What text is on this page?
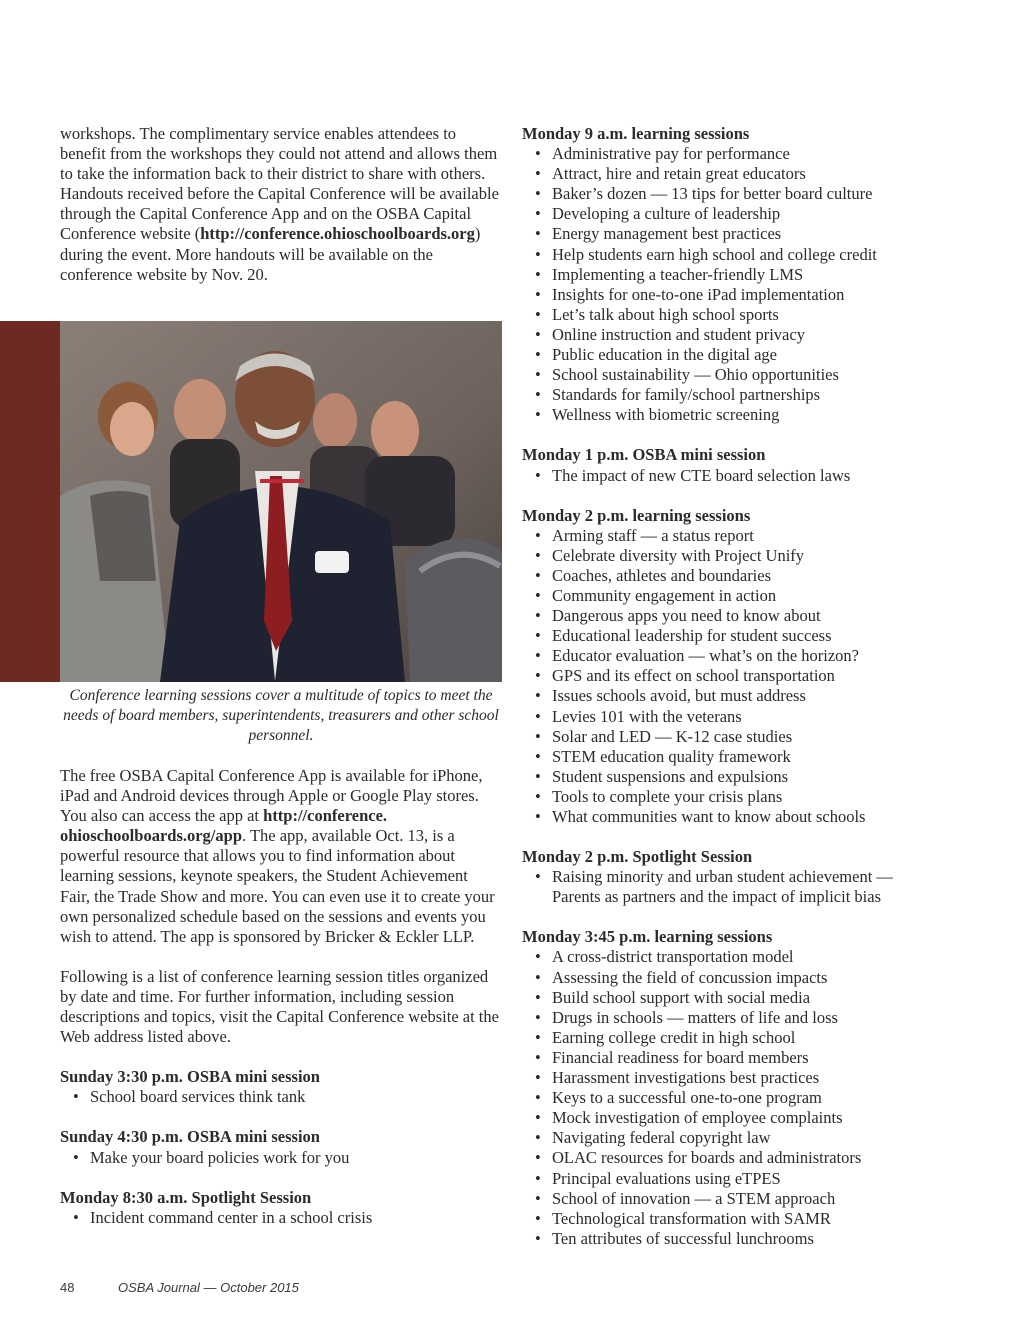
workshops. The complimentary service enables attendees to benefit from the workshops they could not attend and allows them to take the information back to their district to share with others. Handouts received before the Capital Conference will be available through the Capital Conference App and on the OSBA Capital Conference website (http://conference.ohioschoolboards.org) during the event. More handouts will be available on the conference website by Nov. 20.

Conference learning sessions cover a multitude of topics to meet the needs of board members, superintendents, treasurers and other school personnel.

The free OSBA Capital Conference App is available for iPhone, iPad and Android devices through Apple or Google Play stores. You also can access the app at http://conference. ohioschoolboards.org/app. The app, available Oct. 13, is a powerful resource that allows you to find information about learning sessions, keynote speakers, the Student Achievement Fair, the Trade Show and more. You can even use it to create your own personalized schedule based on the sessions and events you wish to attend. The app is sponsored by Bricker & Eckler LLP.

Following is a list of conference learning session titles organized by date and time. For further information, including session descriptions and topics, visit the Capital Conference website at the Web address listed above.

Sunday 3:30 p.m. OSBA mini session

• School board services think tank

Sunday 4:30 p.m. OSBA mini session

• Make your board policies work for you

Monday 8:30 a.m. Spotlight Session

• Incident command center in a school crisis

Monday 9 a.m. learning sessions

• Administrative pay for performance
• Attract, hire and retain great educators
• Baker’s dozen — 13 tips for better board culture
• Developing a culture of leadership
• Energy management best practices
• Help students earn high school and college credit
• Implementing a teacher-friendly LMS
• Insights for one-to-one iPad implementation
• Let’s talk about high school sports
• Online instruction and student privacy
• Public education in the digital age
• School sustainability — Ohio opportunities
• Standards for family/school partnerships
• Wellness with biometric screening

Monday 1 p.m. OSBA mini session

• The impact of new CTE board selection laws

Monday 2 p.m. learning sessions

• Arming staff — a status report
• Celebrate diversity with Project Unify
• Coaches, athletes and boundaries
• Community engagement in action
• Dangerous apps you need to know about
• Educational leadership for student success
• Educator evaluation — what’s on the horizon?
• GPS and its effect on school transportation
• Issues schools avoid, but must address
• Levies 101 with the veterans
• Solar and LED — K-12 case studies
• STEM education quality framework
• Student suspensions and expulsions
• Tools to complete your crisis plans
• What communities want to know about schools

Monday 2 p.m. Spotlight Session

• Raising minority and urban student achievement — Parents as partners and the impact of implicit bias

Monday 3:45 p.m. learning sessions

• A cross-district transportation model
• Assessing the field of concussion impacts
• Build school support with social media
• Drugs in schools — matters of life and loss
• Earning college credit in high school
• Financial readiness for board members
• Harassment investigations best practices
• Keys to a successful one-to-one program
• Mock investigation of employee complaints
• Navigating federal copyright law
• OLAC resources for boards and administrators
• Principal evaluations using eTPES
• School of innovation — a STEM approach
• Technological transformation with SAMR
• Ten attributes of successful lunchrooms
48	OSBA Journal — October 2015
